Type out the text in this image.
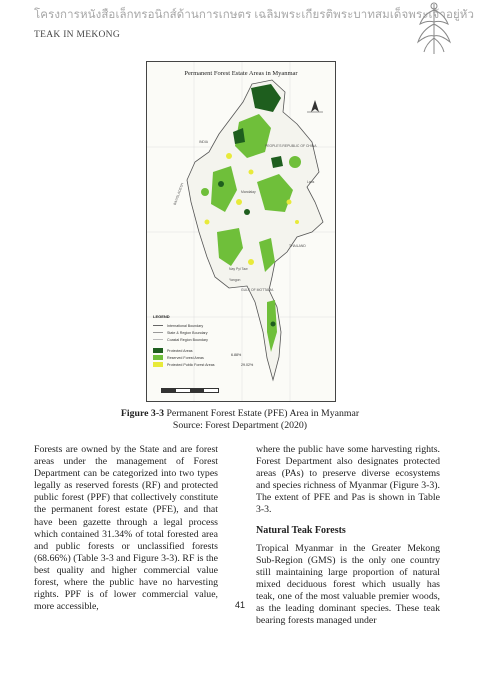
โครงการหนังสือเล็กทรอนิกส์ด้านการเกษตร เฉลิมพระเกียรติพระบาทสมเด็จพระเจ้าอยู่หัว
TEAK IN MEKONG
Permanent Forest Estate Areas in Myanmar
INDIA
PEOPLE'S REPUBLIC OF CHINA
BANGLADESH	Mandalay
Laos
THAILAND
Nay Pyi Taw
Yangon
GULF OF MOTTAMA
LEGEND
International Boundary
State & Region Boundary
Coastal Region Boundary
Protected Areas
Reserved Forest Areas
Protected Public Forest Areas
6.88%
29.02%
Figure 3-3 Permanent Forest Estate (PFE) Area in Myanmar
Source: Forest Department (2020)

Forests are owned by the State and are forest areas under the management of Forest Department can be categorized into two types legally as reserved forests (RF) and protected public forest (PPF) that collectively constitute the permanent forest estate (PFE), and that have been gazette through a legal process which contained 31.34% of total forested area and public forests or unclassified forests (68.66%) (Table 3-3 and Figure 3-3). RF is the best quality and higher commercial value forest, where the public have no harvesting rights. PPF is of lower commercial value, more accessible,

where the public have some harvesting rights. Forest Department also designates protected areas (PAs) to preserve diverse ecosystems and species richness of Myanmar (Figure 3-3). The extent of PFE and Pas is shown in Table 3-3.

Natural Teak Forests

Tropical Myanmar in the Greater Mekong Sub-Region (GMS) is the only one country still maintaining large proportion of natural mixed deciduous forest which usually has teak, one of the most valuable premier woods, as the leading dominant species. These teak bearing forests managed under

41
